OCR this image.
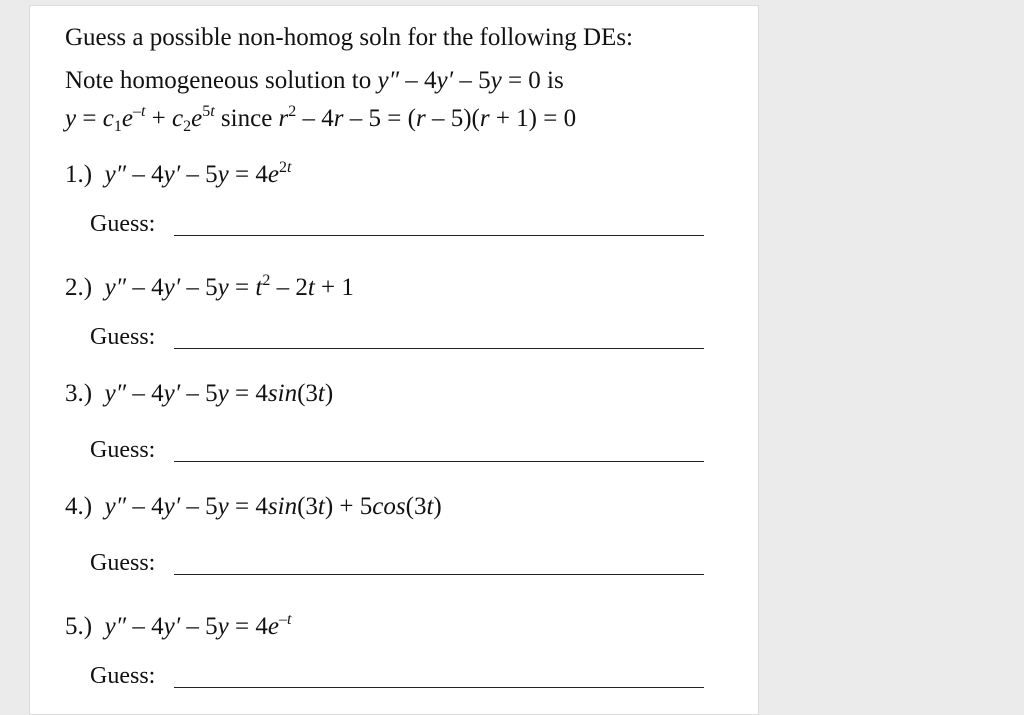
Guess a possible non-homog soln for the following DEs:
Note homogeneous solution to y″ – 4y′ – 5y = 0 is
$y = c_1e^{-t} + c_2e^{5t}$ since $r^2 - 4r - 5 = (r - 5)(r + 1) = 0$
1.)  $y'' - 4y' - 5y = 4e^{2t}$
Guess:
2.)  $y'' - 4y' - 5y = t^2 - 2t + 1$
Guess:
3.)  y″ – 4y′ – 5y = 4sin(3t)
Guess:
4.)  y″ – 4y′ – 5y = 4sin(3t) + 5cos(3t)
Guess:
5.)  $y'' - 4y' - 5y = 4e^{-t}$
Guess:
